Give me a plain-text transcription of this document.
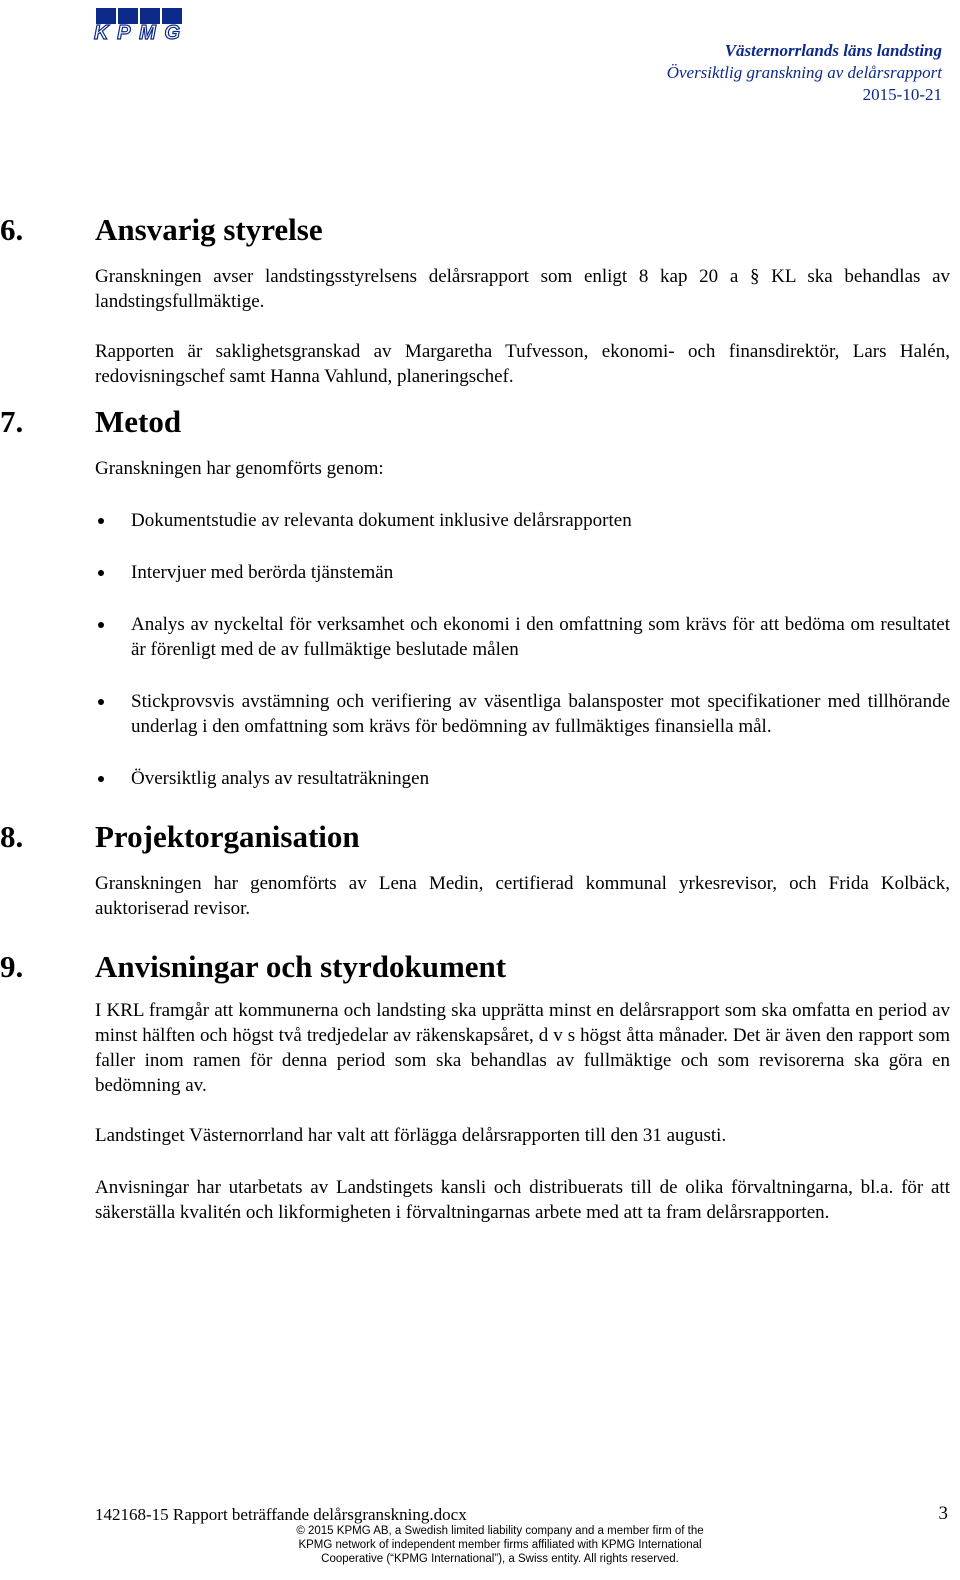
KPMG
Västernorrlands läns landsting
Översiktlig granskning av delårsrapport
2015-10-21
6. Ansvarig styrelse

Granskningen avser landstingsstyrelsens delårsrapport som enligt 8 kap 20 a § KL ska behandlas av landstingsfullmäktige.

Rapporten är saklighetsgranskad av Margaretha Tufvesson, ekonomi- och finansdirektör, Lars Halén, redovisningschef samt Hanna Vahlund, planeringschef.

7. Metod

Granskningen har genomförts genom:

Dokumentstudie av relevanta dokument inklusive delårsrapporten
Intervjuer med berörda tjänstemän
Analys av nyckeltal för verksamhet och ekonomi i den omfattning som krävs för att bedöma om resultatet är förenligt med de av fullmäktige beslutade målen
Stickprovsvis avstämning och verifiering av väsentliga balansposter mot specifikationer med tillhörande underlag i den omfattning som krävs för bedömning av fullmäktiges finansiella mål.
Översiktlig analys av resultaträkningen
8. Projektorganisation

Granskningen har genomförts av Lena Medin, certifierad kommunal yrkesrevisor, och Frida Kolbäck, auktoriserad revisor.

9. Anvisningar och styrdokument

I KRL framgår att kommunerna och landsting ska upprätta minst en delårsrapport som ska omfatta en period av minst hälften och högst två tredjedelar av räkenskapsåret, d v s högst åtta månader. Det är även den rapport som faller inom ramen för denna period som ska behandlas av fullmäktige och som revisorerna ska göra en bedömning av.

Landstinget Västernorrland har valt att förlägga delårsrapporten till den 31 augusti.

Anvisningar har utarbetats av Landstingets kansli och distribuerats till de olika förvaltningarna, bl.a. för att säkerställa kvalitén och likformigheten i förvaltningarnas arbete med att ta fram delårsrapporten.

142168-15 Rapport beträffande delårsgranskning.docx	3
© 2015 KPMG AB, a Swedish limited liability company and a member firm of the
KPMG network of independent member firms affiliated with KPMG International
Cooperative (“KPMG International”), a Swiss entity. All rights reserved.
